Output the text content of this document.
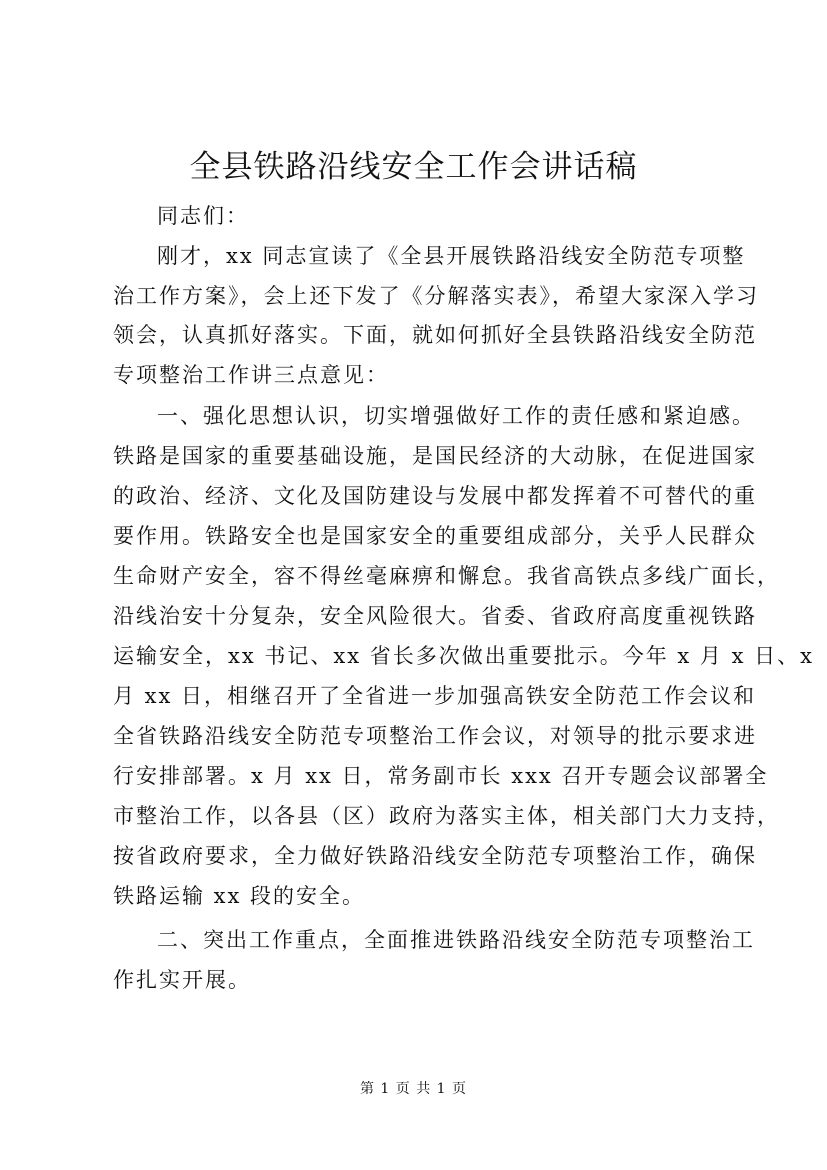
全县铁路沿线安全工作会讲话稿
同志们：
刚才，xx 同志宣读了《全县开展铁路沿线安全防范专项整
治工作方案》，会上还下发了《分解落实表》，希望大家深入学习
领会，认真抓好落实。下面，就如何抓好全县铁路沿线安全防范
专项整治工作讲三点意见：
一、强化思想认识，切实增强做好工作的责任感和紧迫感。
铁路是国家的重要基础设施，是国民经济的大动脉，在促进国家
的政治、经济、文化及国防建设与发展中都发挥着不可替代的重
要作用。铁路安全也是国家安全的重要组成部分，关乎人民群众
生命财产安全，容不得丝毫麻痹和懈怠。我省高铁点多线广面长，
沿线治安十分复杂，安全风险很大。省委、省政府高度重视铁路
运输安全，xx 书记、xx 省长多次做出重要批示。今年 x 月 x 日、x
月 xx 日，相继召开了全省进一步加强高铁安全防范工作会议和
全省铁路沿线安全防范专项整治工作会议，对领导的批示要求进
行安排部署。x 月 xx 日，常务副市长 xxx 召开专题会议部署全
市整治工作，以各县（区）政府为落实主体，相关部门大力支持，
按省政府要求，全力做好铁路沿线安全防范专项整治工作，确保
铁路运输 xx 段的安全。
二、突出工作重点，全面推进铁路沿线安全防范专项整治工
作扎实开展。
第 1 页 共 1 页
